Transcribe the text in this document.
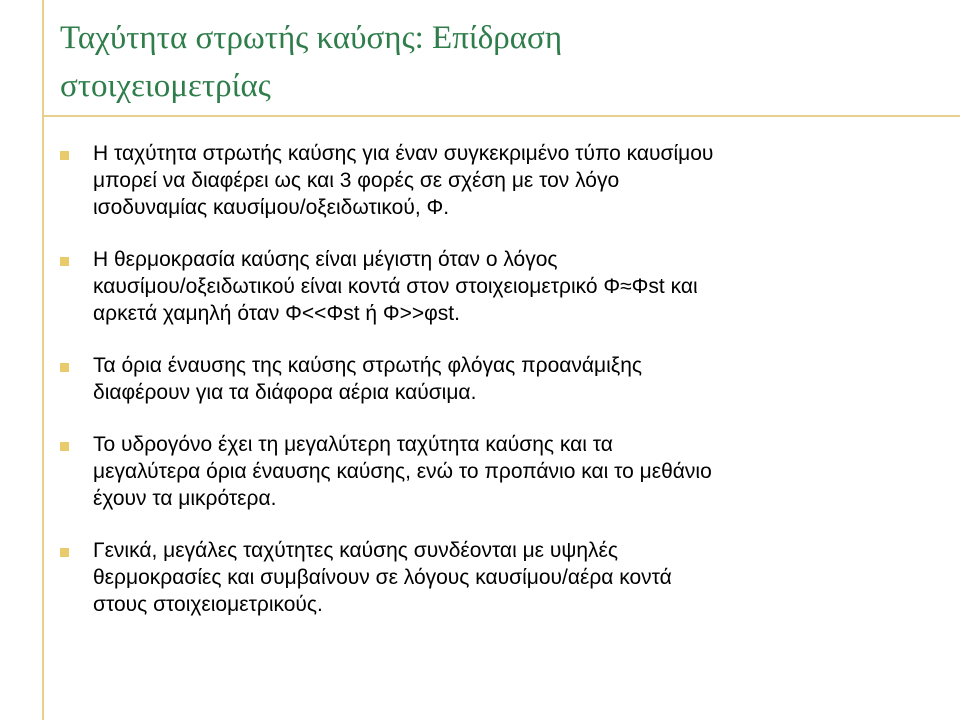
Ταχύτητα στρωτής καύσης: Επίδραση
στοιχειομετρίας
Η ταχύτητα στρωτής καύσης για έναν συγκεκριμένο τύπο καυσίμου
μπορεί να διαφέρει ως και 3 φορές σε σχέση με τον λόγο
ισοδυναμίας καυσίμου/οξειδωτικού, Φ.
Η θερμοκρασία καύσης είναι μέγιστη όταν ο λόγος
καυσίμου/οξειδωτικού είναι κοντά στον στοιχειομετρικό Φ≈Φst και
αρκετά χαμηλή όταν Φ<<Φst ή Φ>>φst.
Τα όρια έναυσης της καύσης στρωτής φλόγας προανάμιξης
διαφέρουν για τα διάφορα αέρια καύσιμα.
Το υδρογόνο έχει τη μεγαλύτερη ταχύτητα καύσης και τα
μεγαλύτερα όρια έναυσης καύσης, ενώ το προπάνιο και το μεθάνιο
έχουν τα μικρότερα.
Γενικά, μεγάλες ταχύτητες καύσης συνδέονται με υψηλές
θερμοκρασίες και συμβαίνουν σε λόγους καυσίμου/αέρα κοντά
στους στοιχειομετρικούς.
